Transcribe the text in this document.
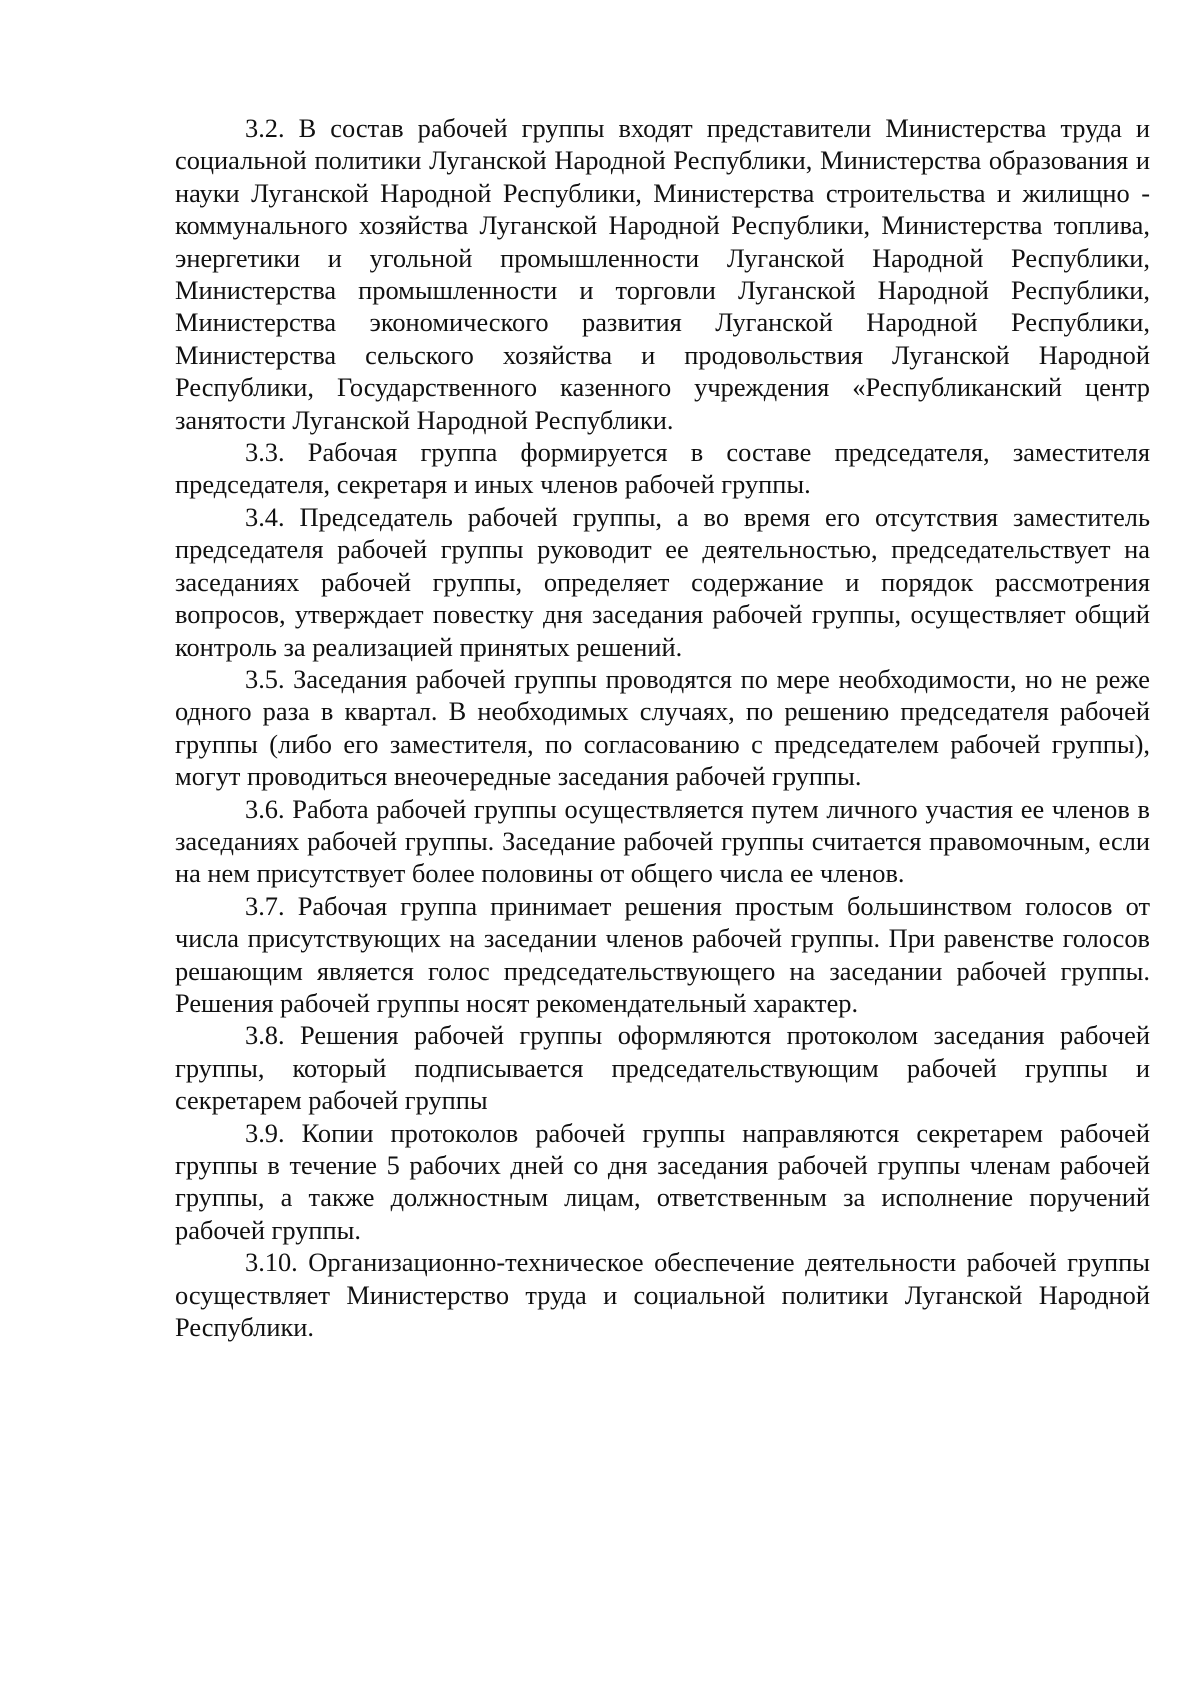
3.2. В состав рабочей группы входят представители Министерства труда и социальной политики Луганской Народной Республики, Министерства образования и науки Луганской Народной Республики, Министерства строительства и жилищно - коммунального хозяйства Луганской Народной Республики, Министерства топлива, энергетики и угольной промышленности Луганской Народной Республики, Министерства промышленности и торговли Луганской Народной Республики, Министерства экономического развития Луганской Народной Республики, Министерства сельского хозяйства и продовольствия Луганской Народной Республики, Государственного казенного учреждения «Республиканский центр занятости Луганской Народной Республики.

3.3. Рабочая группа формируется в составе председателя, заместителя председателя, секретаря и иных членов рабочей группы.

3.4. Председатель рабочей группы, а во время его отсутствия заместитель председателя рабочей группы руководит ее деятельностью, председательствует на заседаниях рабочей группы, определяет содержание и порядок рассмотрения вопросов, утверждает повестку дня заседания рабочей группы, осуществляет общий контроль за реализацией принятых решений.

3.5. Заседания рабочей группы проводятся по мере необходимости, но не реже одного раза в квартал. В необходимых случаях, по решению председателя рабочей группы (либо его заместителя, по согласованию с председателем рабочей группы), могут проводиться внеочередные заседания рабочей группы.

3.6. Работа рабочей группы осуществляется путем личного участия ее членов в заседаниях рабочей группы. Заседание рабочей группы считается правомочным, если на нем присутствует более половины от общего числа ее членов.

3.7. Рабочая группа принимает решения простым большинством голосов от числа присутствующих на заседании членов рабочей группы. При равенстве голосов решающим является голос председательствующего на заседании рабочей группы. Решения рабочей группы носят рекомендательный характер.

3.8. Решения рабочей группы оформляются протоколом заседания рабочей группы, который подписывается председательствующим рабочей группы и секретарем рабочей группы

3.9. Копии протоколов рабочей группы направляются секретарем рабочей группы в течение 5 рабочих дней со дня заседания рабочей группы членам рабочей группы, а также должностным лицам, ответственным за исполнение поручений рабочей группы.

3.10. Организационно-техническое обеспечение деятельности рабочей группы осуществляет Министерство труда и социальной политики Луганской Народной Республики.
